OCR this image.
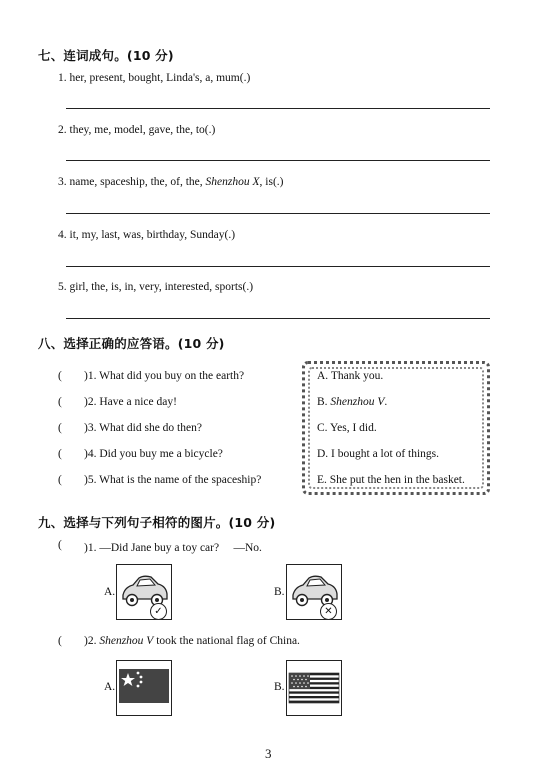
七、连词成句。(10 分)
1. her, present, bought, Linda's, a, mum(.)
2. they, me, model, gave, the, to(.)
3. name, spaceship, the, of, the, Shenzhou X, is(.)
4. it, my, last, was, birthday, Sunday(.)
5. girl, the, is, in, very, interested, sports(.)
八、选择正确的应答语。(10 分)
( )1. What did you buy on the earth?
( )2. Have a nice day!
( )3. What did she do then?
( )4. Did you buy me a bicycle?
( )5. What is the name of the spaceship?
A. Thank you.
B. Shenzhou V.
C. Yes, I did.
D. I bought a lot of things.
E. She put the hen in the basket.
九、选择与下列句子相符的图片。(10 分)
( )1. —Did Jane buy a toy car?　 —No.
A.
✓
B.
✕
( )2. Shenzhou V took the national flag of China.
A.	B.
3
